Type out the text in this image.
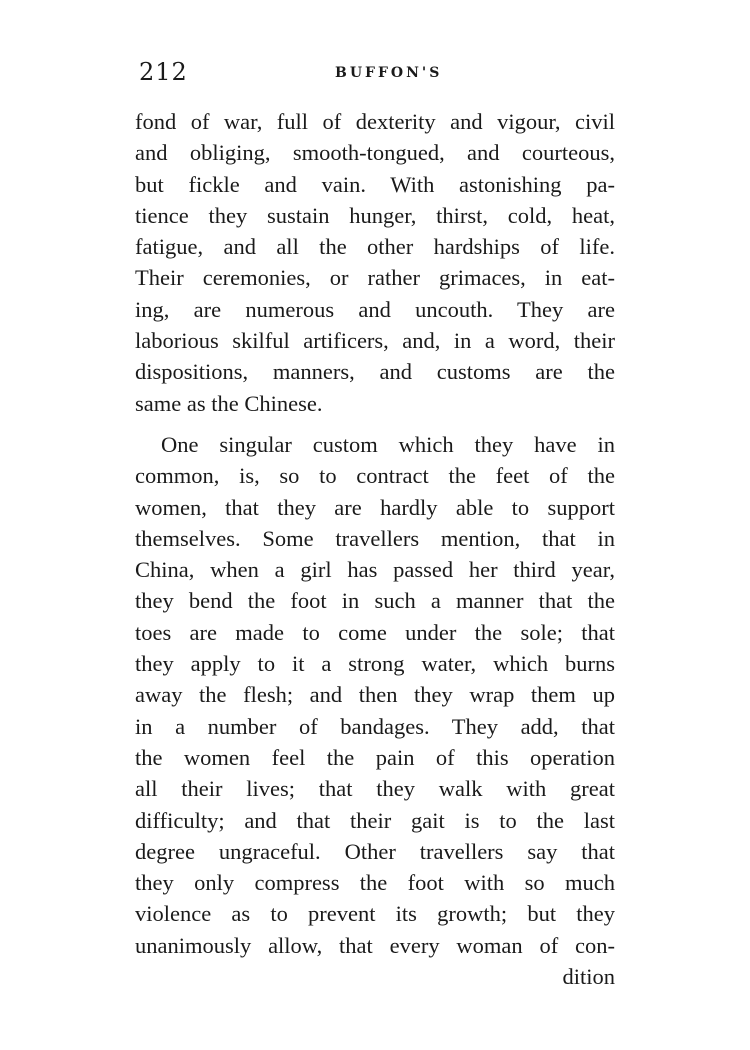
212	BUFFON'S
fond of war, full of dexterity and vigour, civil
and obliging, smooth-tongued, and courteous,
but fickle and vain. With astonishing pa-
tience they sustain hunger, thirst, cold, heat,
fatigue, and all the other hardships of life.
Their ceremonies, or rather grimaces, in eat-
ing, are numerous and uncouth. They are
laborious skilful artificers, and, in a word, their
dispositions, manners, and customs are the
same as the Chinese.
One singular custom which they have in
common, is, so to contract the feet of the
women, that they are hardly able to support
themselves. Some travellers mention, that in
China, when a girl has passed her third year,
they bend the foot in such a manner that the
toes are made to come under the sole; that
they apply to it a strong water, which burns
away the flesh; and then they wrap them up
in a number of bandages. They add, that
the women feel the pain of this operation
all their lives; that they walk with great
difficulty; and that their gait is to the last
degree ungraceful. Other travellers say that
they only compress the foot with so much
violence as to prevent its growth; but they
unanimously allow, that every woman of con-
dition
